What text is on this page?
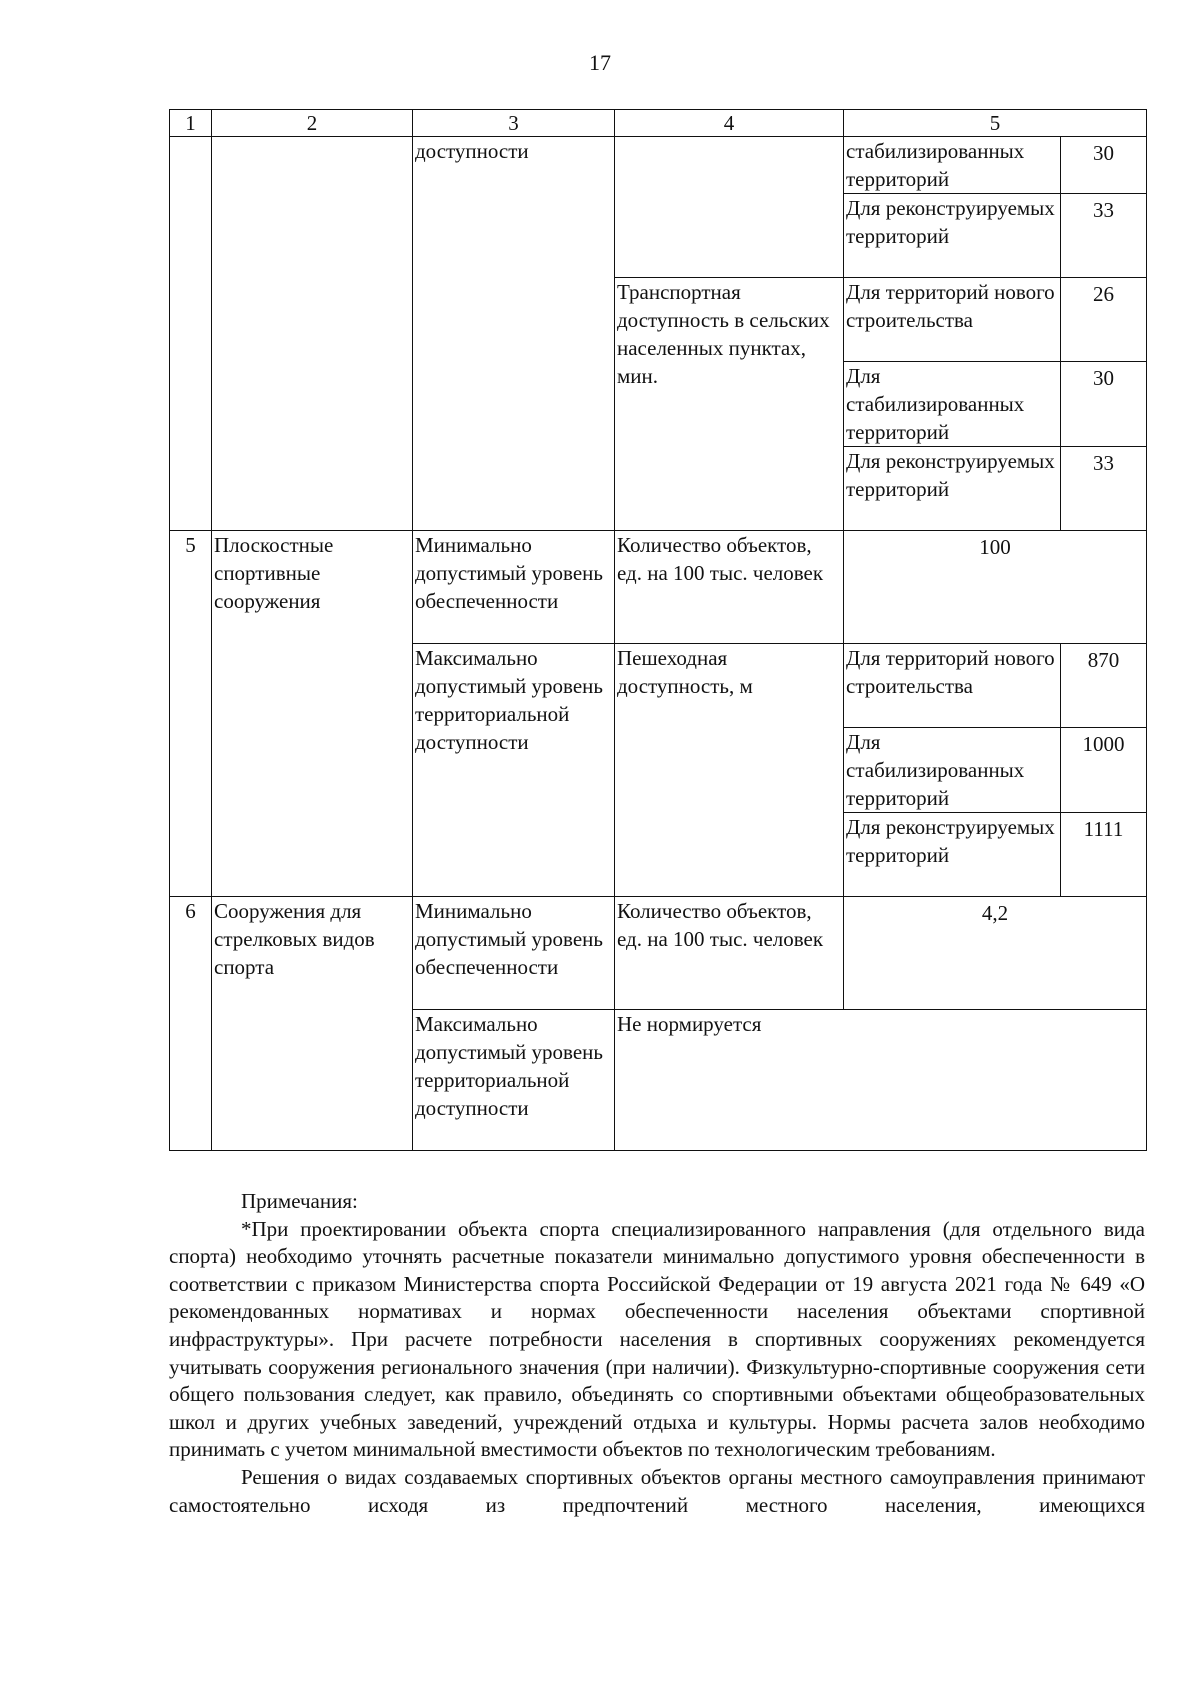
17
1	2	3	4	5	
		доступности		стабилизированных территорий	30
				Для реконструируемых территорий	33
			Транспортная доступность в сельских населенных пунктах, мин.	Для территорий нового строительства	26
				Для стабилизированных территорий	30
				Для реконструируемых территорий	33
5	Плоскостные спортивные сооружения	Минимально допустимый уровень обеспеченности	Количество объектов, ед. на 100 тыс. человек	100	
		Максимально допустимый уровень территориальной доступности	Пешеходная доступность, м	Для территорий нового строительства	870
				Для стабилизированных территорий	1000
				Для реконструируемых территорий	1111
6	Сооружения для стрелковых видов спорта	Минимально допустимый уровень обеспеченности	Количество объектов, ед. на 100 тыс. человек	4,2	
		Максимально допустимый уровень территориальной доступности	Не нормируется		

Примечания:

*При проектировании объекта спорта специализированного направления (для отдельного вида спорта) необходимо уточнять расчетные показатели минимально допустимого уровня обеспеченности в соответствии с приказом Министерства спорта Российской Федерации от 19 августа 2021 года № 649 «О рекомендованных нормативах и нормах обеспеченности населения объектами спортивной инфраструктуры». При расчете потребности населения в спортивных сооружениях рекомендуется учитывать сооружения регионального значения (при наличии). Физкультурно-спортивные сооружения сети общего пользования следует, как правило, объединять со спортивными объектами общеобразовательных школ и других учебных заведений, учреждений отдыха и культуры. Нормы расчета залов необходимо принимать с учетом минимальной вместимости объектов по технологическим требованиям.

Решения о видах создаваемых спортивных объектов органы местного самоуправления принимают самостоятельно исходя из предпочтений местного населения, имеющихся
